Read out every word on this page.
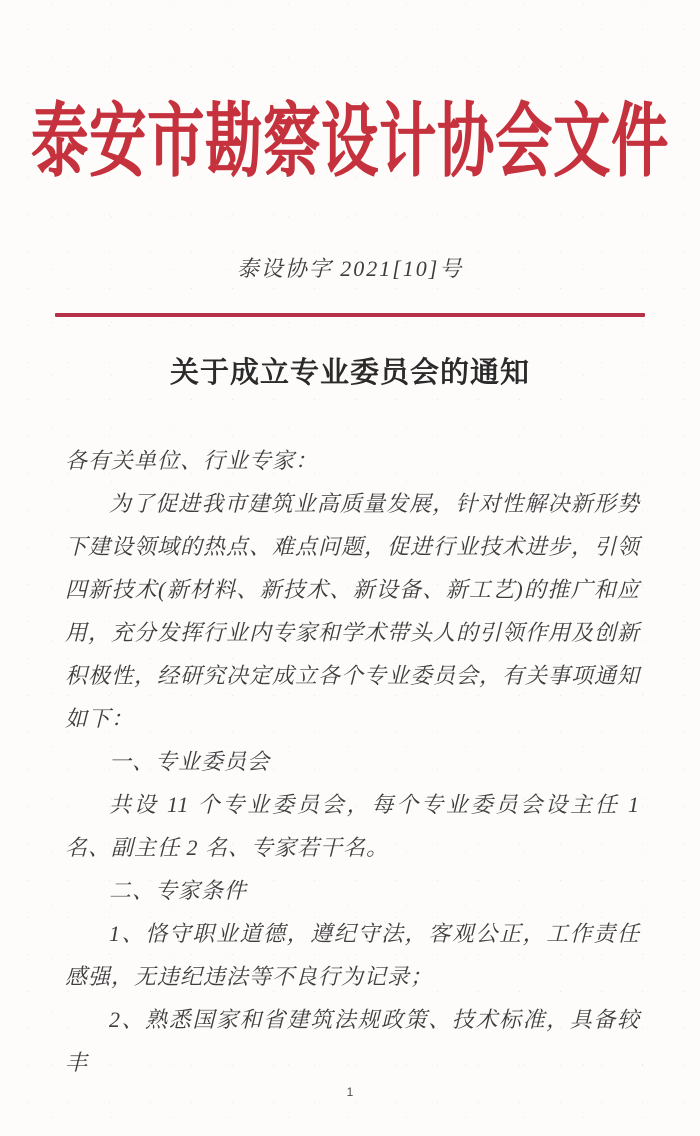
泰安市勘察设计协会文件
泰设协字 2021[10]号
关于成立专业委员会的通知

各有关单位、行业专家：

为了促进我市建筑业高质量发展，针对性解决新形势下建设领域的热点、难点问题，促进行业技术进步，引领四新技术(新材料、新技术、新设备、新工艺)的推广和应用，充分发挥行业内专家和学术带头人的引领作用及创新积极性，经研究决定成立各个专业委员会，有关事项通知如下：

一、专业委员会

共设 11 个专业委员会，每个专业委员会设主任 1 名、副主任 2 名、专家若干名。

二、专家条件

1、恪守职业道德，遵纪守法，客观公正，工作责任感强，无违纪违法等不良行为记录；

2、熟悉国家和省建筑法规政策、技术标准，具备较丰

1
